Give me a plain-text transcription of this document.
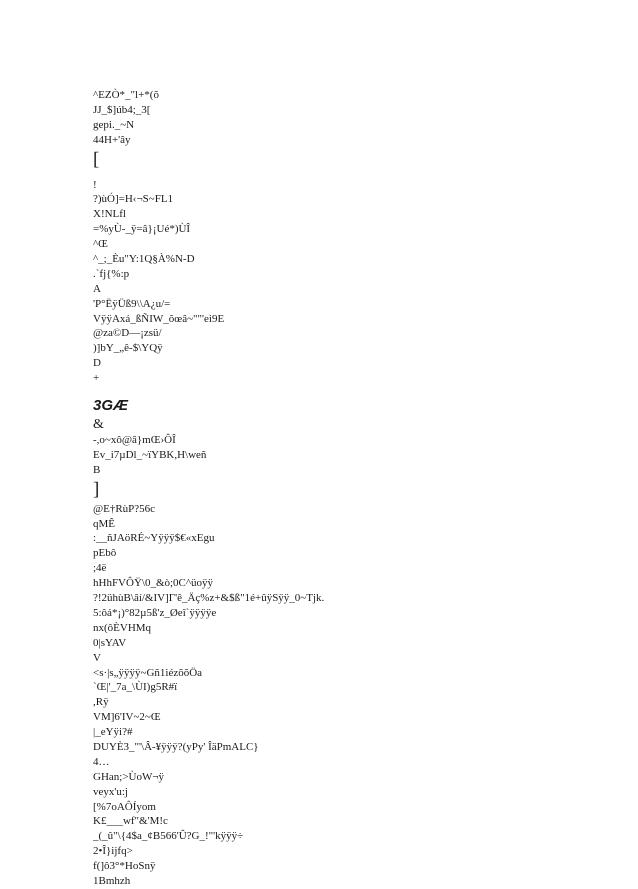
^EZÒ*_"l+*(õ
JJ_$]úb4;_3[
gepi._~N
44H+'ây
[
!
?)ùÓ]=H‹¬S~FL1
X!NLfl
=%yÙ-_ÿ=â}¡Ué*)ÙÎ
^Œ
^_;_Èu"Y:1Q§À%N-D
.`fj{%:p
A
'P°ËÿÜß9\\A¿u/=
VÿÿAxá_ßÑIW_õœâ~""'ei9E
@za©D—¡zsü/
)]bY_„ê-$\YQÿ
D
+
3GÆ
&
-,o~xô@â}mŒ›ÔÎ
Ev_i7µDl_~ïYBK,H\weñ
B
]
@E†RùP?56c
qMÊ
:__ñJAöRÉ~Yÿÿÿ$€«xEgu
pEbô
;4ë
hHhFVÔŸ\0_&ò;0C^üoÿÿ
?!2ühùB\âí/&IV]Γ'ê_Äç%z+&$ß"1é+ûÿSÿÿ_0~Tjk.
5:ôá*¡)°82µ5ß'z_Øeî`ÿÿÿÿe
nx(ôÈVHMq
0|sYAV
V
<s·|s„ÿÿÿÿ~Gñ1iézõõÖa
`Œ|'_7a_\ÙI)g5R#ï
,Rÿ
VM]6'IV~2~Œ
|_eYÿi?#
DUYÈ3_"'\Â-¥ÿÿÿ?(yPy' ÎäPmALC}
4…
GHan;>ÙoW¬ÿ
veyx'u:j
[%7oAÔÍyom
K£___wf"&'M!c
_(_û"\{4$a_¢B566'Û?G_!"'kÿÿÿ÷
2•Î}ijfq>
f(]ô3°*HoSnÿ
1Bmhzh
